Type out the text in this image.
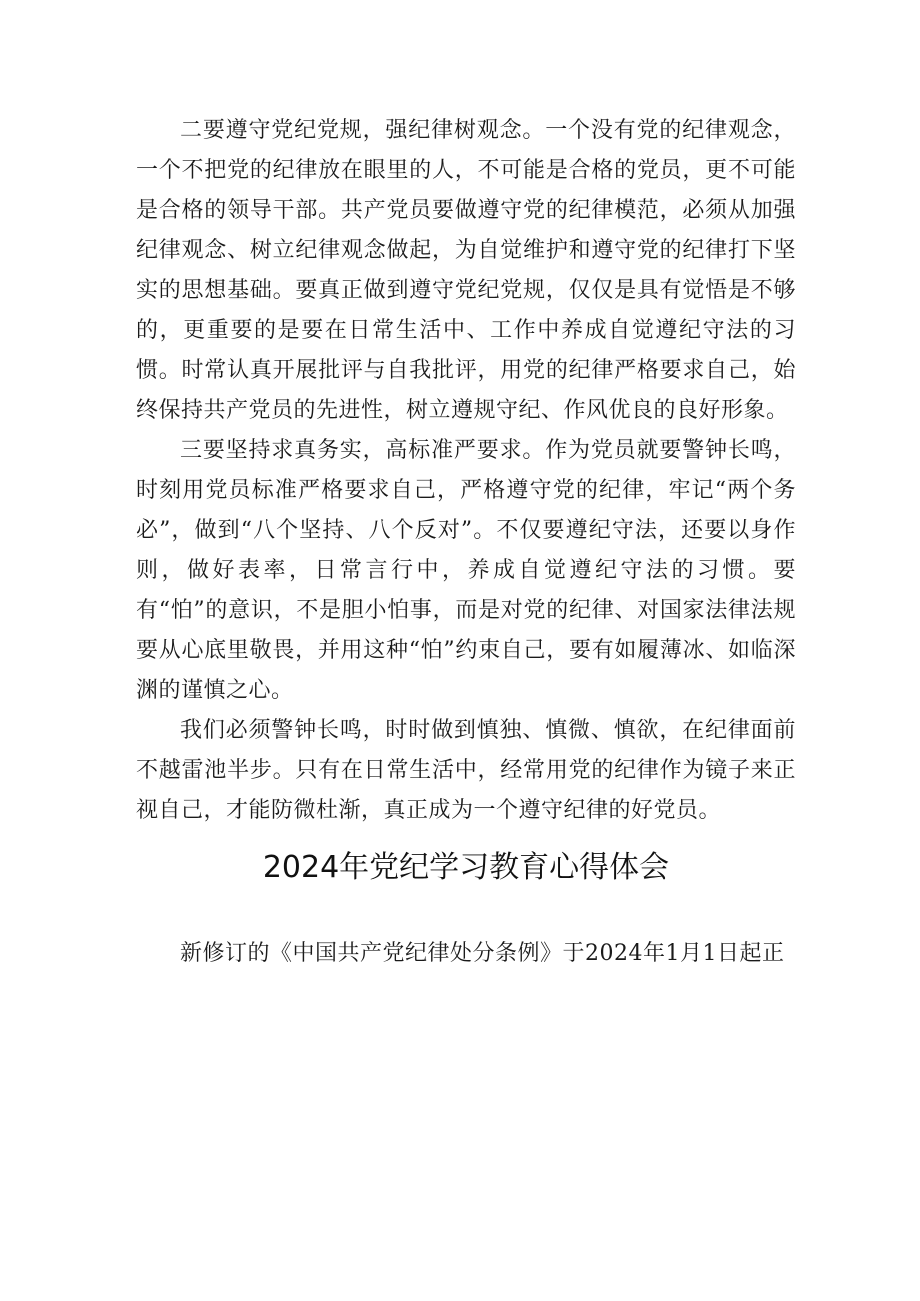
二要遵守党纪党规，强纪律树观念。一个没有党的纪律观念，一个不把党的纪律放在眼里的人，不可能是合格的党员，更不可能是合格的领导干部。共产党员要做遵守党的纪律模范，必须从加强纪律观念、树立纪律观念做起，为自觉维护和遵守党的纪律打下坚实的思想基础。要真正做到遵守党纪党规，仅仅是具有觉悟是不够的，更重要的是要在日常生活中、工作中养成自觉遵纪守法的习惯。时常认真开展批评与自我批评，用党的纪律严格要求自己，始终保持共产党员的先进性，树立遵规守纪、作风优良的良好形象。

三要坚持求真务实，高标准严要求。作为党员就要警钟长鸣，时刻用党员标准严格要求自己，严格遵守党的纪律，牢记“两个务必”，做到“八个坚持、八个反对”。不仅要遵纪守法，还要以身作则，做好表率，日常言行中，养成自觉遵纪守法的习惯。要有“怕”的意识，不是胆小怕事，而是对党的纪律、对国家法律法规要从心底里敬畏，并用这种“怕”约束自己，要有如履薄冰、如临深渊的谨慎之心。

我们必须警钟长鸣，时时做到慎独、慎微、慎欲，在纪律面前不越雷池半步。只有在日常生活中，经常用党的纪律作为镜子来正视自己，才能防微杜渐，真正成为一个遵守纪律的好党员。

2024年党纪学习教育心得体会

新修订的《中国共产党纪律处分条例》于2024年1月1日起正
